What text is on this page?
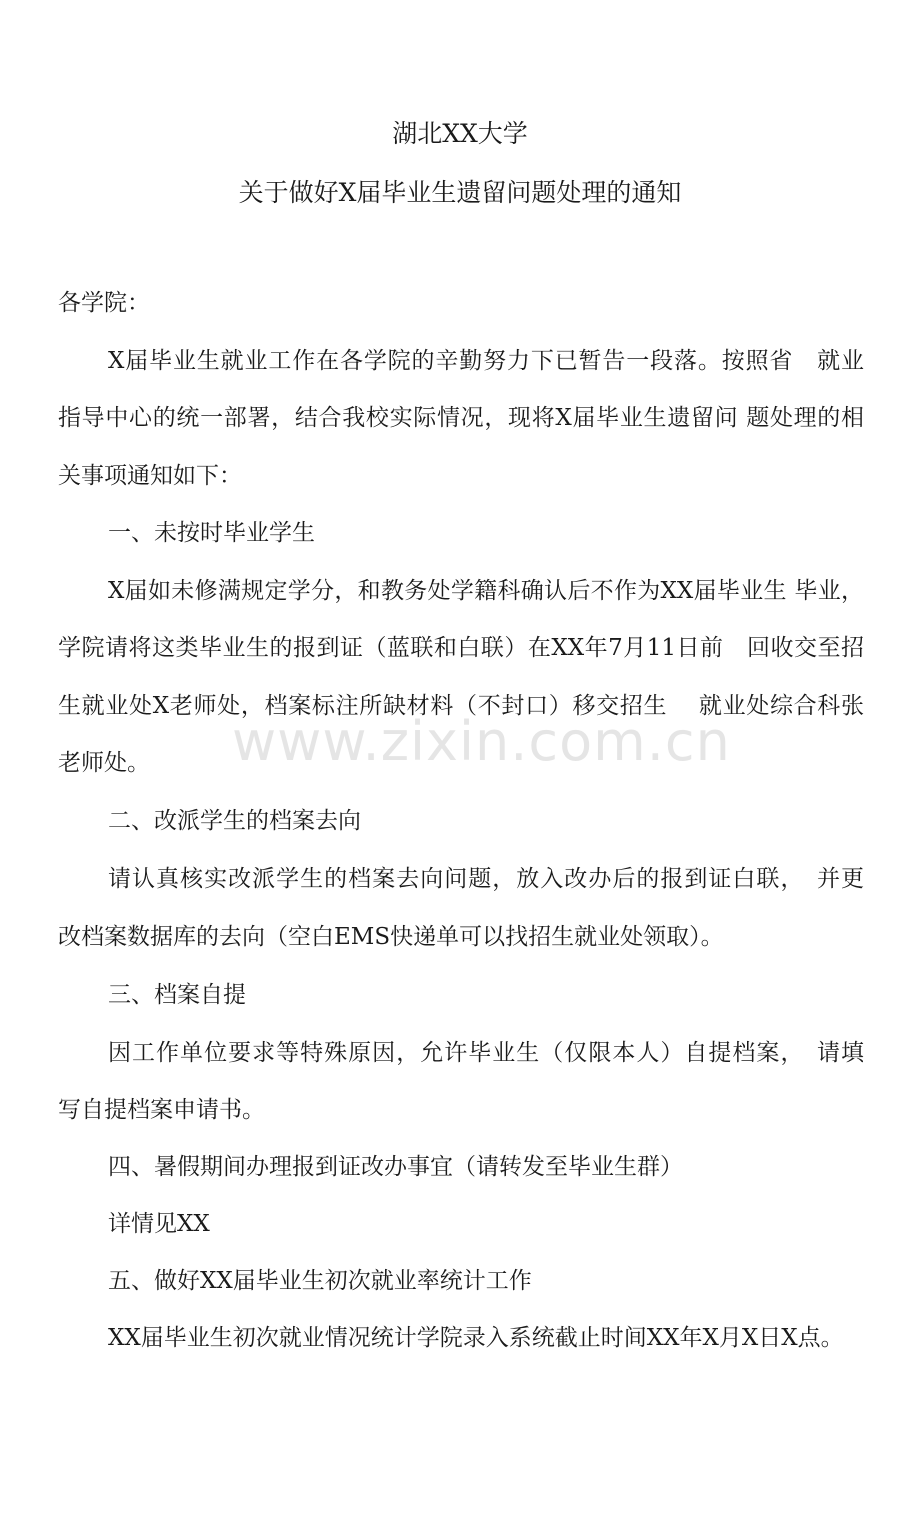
湖北XX大学
关于做好X届毕业生遗留问题处理的通知
各学院：
X届毕业生就业工作在各学院的辛勤努力下已暂告一段落。按照省　就业
指导中心的统一部署，结合我校实际情况，现将X届毕业生遗留问 题处理的相
关事项通知如下：
一、未按时毕业学生
X届如未修满规定学分，和教务处学籍科确认后不作为XX届毕业生 毕业，
学院请将这类毕业生的报到证（蓝联和白联）在XX年7月11日前　回收交至招
生就业处X老师处，档案标注所缺材料（不封口）移交招生　 就业处综合科张
老师处。
二、改派学生的档案去向
请认真核实改派学生的档案去向问题，放入改办后的报到证白联，　并更
改档案数据库的去向（空白EMS快递单可以找招生就业处领取）。
三、档案自提
因工作单位要求等特殊原因，允许毕业生（仅限本人）自提档案，　请填
写自提档案申请书。
四、暑假期间办理报到证改办事宜（请转发至毕业生群）
详情见XX
五、做好XX届毕业生初次就业率统计工作
XX届毕业生初次就业情况统计学院录入系统截止时间XX年X月X日X点。
www.zixin.com.cn
